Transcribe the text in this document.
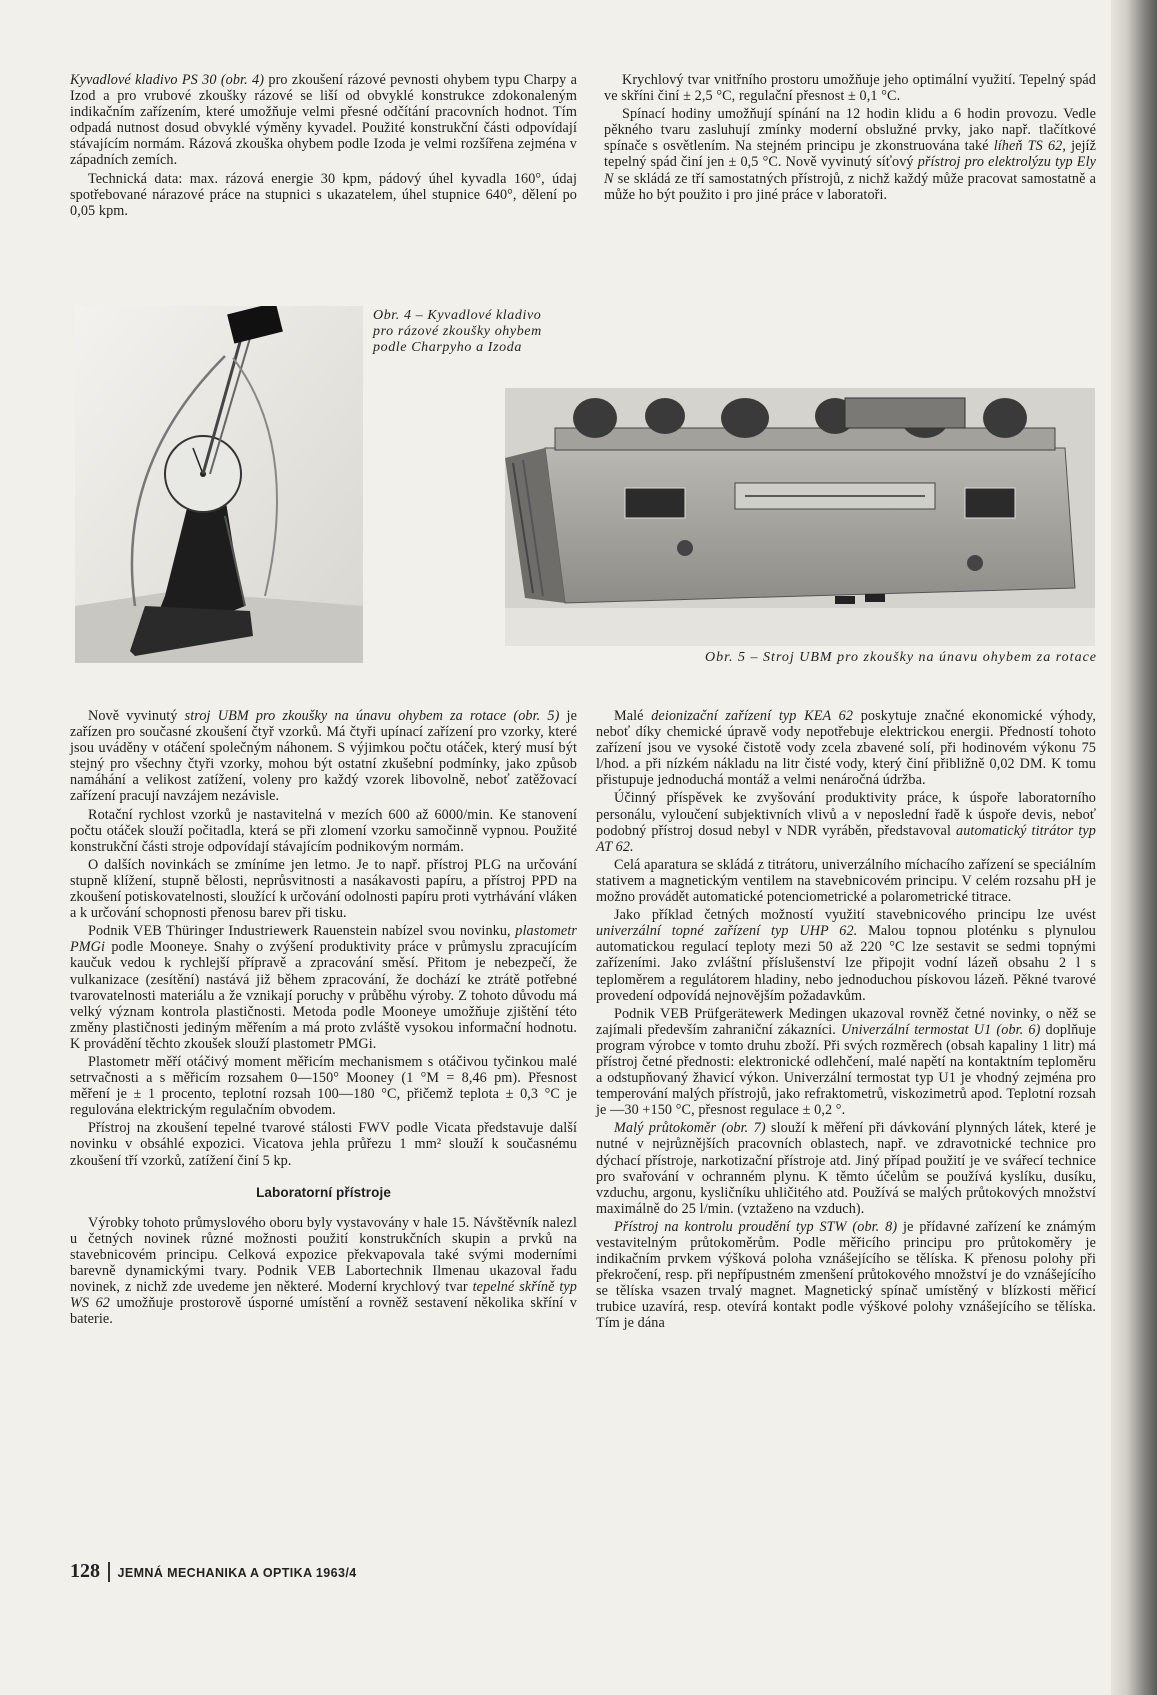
Kyvadlové kladivo PS 30 (obr. 4) pro zkoušení rázové pevnosti ohybem typu Charpy a Izod a pro vrubové zkoušky rázové se liší od obvyklé konstrukce zdokonaleným indikačním zařízením, které umožňuje velmi přesné odčítání pracovních hodnot. Tím odpadá nutnost dosud obvyklé výměny kyvadel. Použité konstrukční části odpovídají stávajícím normám. Rázová zkouška ohybem podle Izoda je velmi rozšířena zejména v západních zemích.

Technická data: max. rázová energie 30 kpm, pádový úhel kyvadla 160°, údaj spotřebované nárazové práce na stupnici s ukazatelem, úhel stupnice 640°, dělení po 0,05 kpm.

Krychlový tvar vnitřního prostoru umožňuje jeho optimální využití. Tepelný spád ve skříni činí ± 2,5 °C, regulační přesnost ± 0,1 °C.

Spínací hodiny umožňují spínání na 12 hodin klidu a 6 hodin provozu. Vedle pěkného tvaru zasluhují zmínky moderní obslužné prvky, jako např. tlačítkové spínače s osvětlením. Na stejném principu je zkonstruována také líheň TS 62, jejíž tepelný spád činí jen ± 0,5 °C. Nově vyvinutý síťový přístroj pro elektrolýzu typ Ely N se skládá ze tří samostatných přístrojů, z nichž každý může pracovat samostatně a může ho být použito i pro jiné práce v laboratoři.

Obr. 4 – Kyvadlové kladivo pro rázové zkoušky ohybem podle Charpyho a Izoda
Obr. 5 – Stroj UBM pro zkoušky na únavu ohybem za rotace

Nově vyvinutý stroj UBM pro zkoušky na únavu ohybem za rotace (obr. 5) je zařízen pro současné zkoušení čtyř vzorků. Má čtyři upínací zařízení pro vzorky, které jsou uváděny v otáčení společným náhonem. S výjimkou počtu otáček, který musí být stejný pro všechny čtyři vzorky, mohou být ostatní zkušební podmínky, jako způsob namáhání a velikost zatížení, voleny pro každý vzorek libovolně, neboť zatěžovací zařízení pracují navzájem nezávisle.

Rotační rychlost vzorků je nastavitelná v mezích 600 až 6000/min. Ke stanovení počtu otáček slouží počitadla, která se při zlomení vzorku samočinně vypnou. Použité konstrukční části stroje odpovídají stávajícím podnikovým normám.

O dalších novinkách se zmíníme jen letmo. Je to např. přístroj PLG na určování stupně klížení, stupně bělosti, neprůsvitnosti a nasákavosti papíru, a přístroj PPD na zkoušení potiskovatelnosti, sloužící k určování odolnosti papíru proti vytrhávání vláken a k určování schopnosti přenosu barev při tisku.

Podnik VEB Thüringer Industriewerk Rauenstein nabízel svou novinku, plastometr PMGi podle Mooneye. Snahy o zvýšení produktivity práce v průmyslu zpracujícím kaučuk vedou k rychlejší přípravě a zpracování směsí. Přitom je nebezpečí, že vulkanizace (zesítění) nastává již během zpracování, že dochází ke ztrátě potřebné tvarovatelnosti materiálu a že vznikají poruchy v průběhu výroby. Z tohoto důvodu má velký význam kontrola plastičnosti. Metoda podle Mooneye umožňuje zjištění této změny plastičnosti jediným měřením a má proto zvláště vysokou informační hodnotu. K provádění těchto zkoušek slouží plastometr PMGi.

Plastometr měří otáčivý moment měřicím mechanismem s otáčivou tyčinkou malé setrvačnosti a s měřicím rozsahem 0—150° Mooney (1 °M = 8,46 pm). Přesnost měření je ± 1 procento, teplotní rozsah 100—180 °C, přičemž teplota ± 0,3 °C je regulována elektrickým regulačním obvodem.

Přístroj na zkoušení tepelné tvarové stálosti FWV podle Vicata představuje další novinku v obsáhlé expozici. Vicatova jehla průřezu 1 mm² slouží k současnému zkoušení tří vzorků, zatížení činí 5 kp.

Laboratorní přístroje

Výrobky tohoto průmyslového oboru byly vystavovány v hale 15. Návštěvník nalezl u četných novinek různé možnosti použití konstrukčních skupin a prvků na stavebnicovém principu. Celková expozice překvapovala také svými moderními barevně dynamickými tvary. Podnik VEB Labortechnik Ilmenau ukazoval řadu novinek, z nichž zde uvedeme jen některé. Moderní krychlový tvar tepelné skříně typ WS 62 umožňuje prostorově úsporné umístění a rovněž sestavení několika skříní v baterie.

Malé deionizační zařízení typ KEA 62 poskytuje značné ekonomické výhody, neboť díky chemické úpravě vody nepotřebuje elektrickou energii. Předností tohoto zařízení jsou ve vysoké čistotě vody zcela zbavené solí, při hodinovém výkonu 75 l/hod. a při nízkém nákladu na litr čisté vody, který činí přibližně 0,02 DM. K tomu přistupuje jednoduchá montáž a velmi nenáročná údržba.

Účinný příspěvek ke zvyšování produktivity práce, k úspoře laboratorního personálu, vyloučení subjektivních vlivů a v neposlední řadě k úspoře devis, neboť podobný přístroj dosud nebyl v NDR vyráběn, představoval automatický titrátor typ AT 62.

Celá aparatura se skládá z titrátoru, univerzálního míchacího zařízení se speciálním stativem a magnetickým ventilem na stavebnicovém principu. V celém rozsahu pH je možno provádět automatické potenciometrické a polarometrické titrace.

Jako příklad četných možností využití stavebnicového principu lze uvést univerzální topné zařízení typ UHP 62. Malou topnou ploténku s plynulou automatickou regulací teploty mezi 50 až 220 °C lze sestavit se sedmi topnými zařízeními. Jako zvláštní příslušenství lze připojit vodní lázeň obsahu 2 l s teploměrem a regulátorem hladiny, nebo jednoduchou pískovou lázeň. Pěkné tvarové provedení odpovídá nejnovějším požadavkům.

Podnik VEB Prüfgerätewerk Medingen ukazoval rovněž četné novinky, o něž se zajímali především zahraniční zákazníci. Univerzální termostat U1 (obr. 6) doplňuje program výrobce v tomto druhu zboží. Při svých rozměrech (obsah kapaliny 1 litr) má přístroj četné přednosti: elektronické odlehčení, malé napětí na kontaktním teploměru a odstupňovaný žhavicí výkon. Univerzální termostat typ U1 je vhodný zejména pro temperování malých přístrojů, jako refraktometrů, viskozimetrů apod. Teplotní rozsah je —30 +150 °C, přesnost regulace ± 0,2 °.

Malý průtokoměr (obr. 7) slouží k měření při dávkování plynných látek, které je nutné v nejrůznějších pracovních oblastech, např. ve zdravotnické technice pro dýchací přístroje, narkotizační přístroje atd. Jiný případ použití je ve svářecí technice pro svařování v ochranném plynu. K těmto účelům se používá kyslíku, dusíku, vzduchu, argonu, kysličníku uhličitého atd. Používá se malých průtokových množství maximálně do 25 l/min. (vztaženo na vzduch).

Přístroj na kontrolu proudění typ STW (obr. 8) je přídavné zařízení ke známým vestavitelným průtokoměrům. Podle měřicího principu pro průtokoměry je indikačním prvkem výšková poloha vznášejícího se tělíska. K přenosu polohy při překročení, resp. při nepřípustném zmenšení průtokového množství je do vznášejícího se tělíska vsazen trvalý magnet. Magnetický spínač umístěný v blízkosti měřicí trubice uzavírá, resp. otevírá kontakt podle výškové polohy vznášejícího se tělíska. Tím je dána

128 JEMNÁ MECHANIKA A OPTIKA 1963/4
